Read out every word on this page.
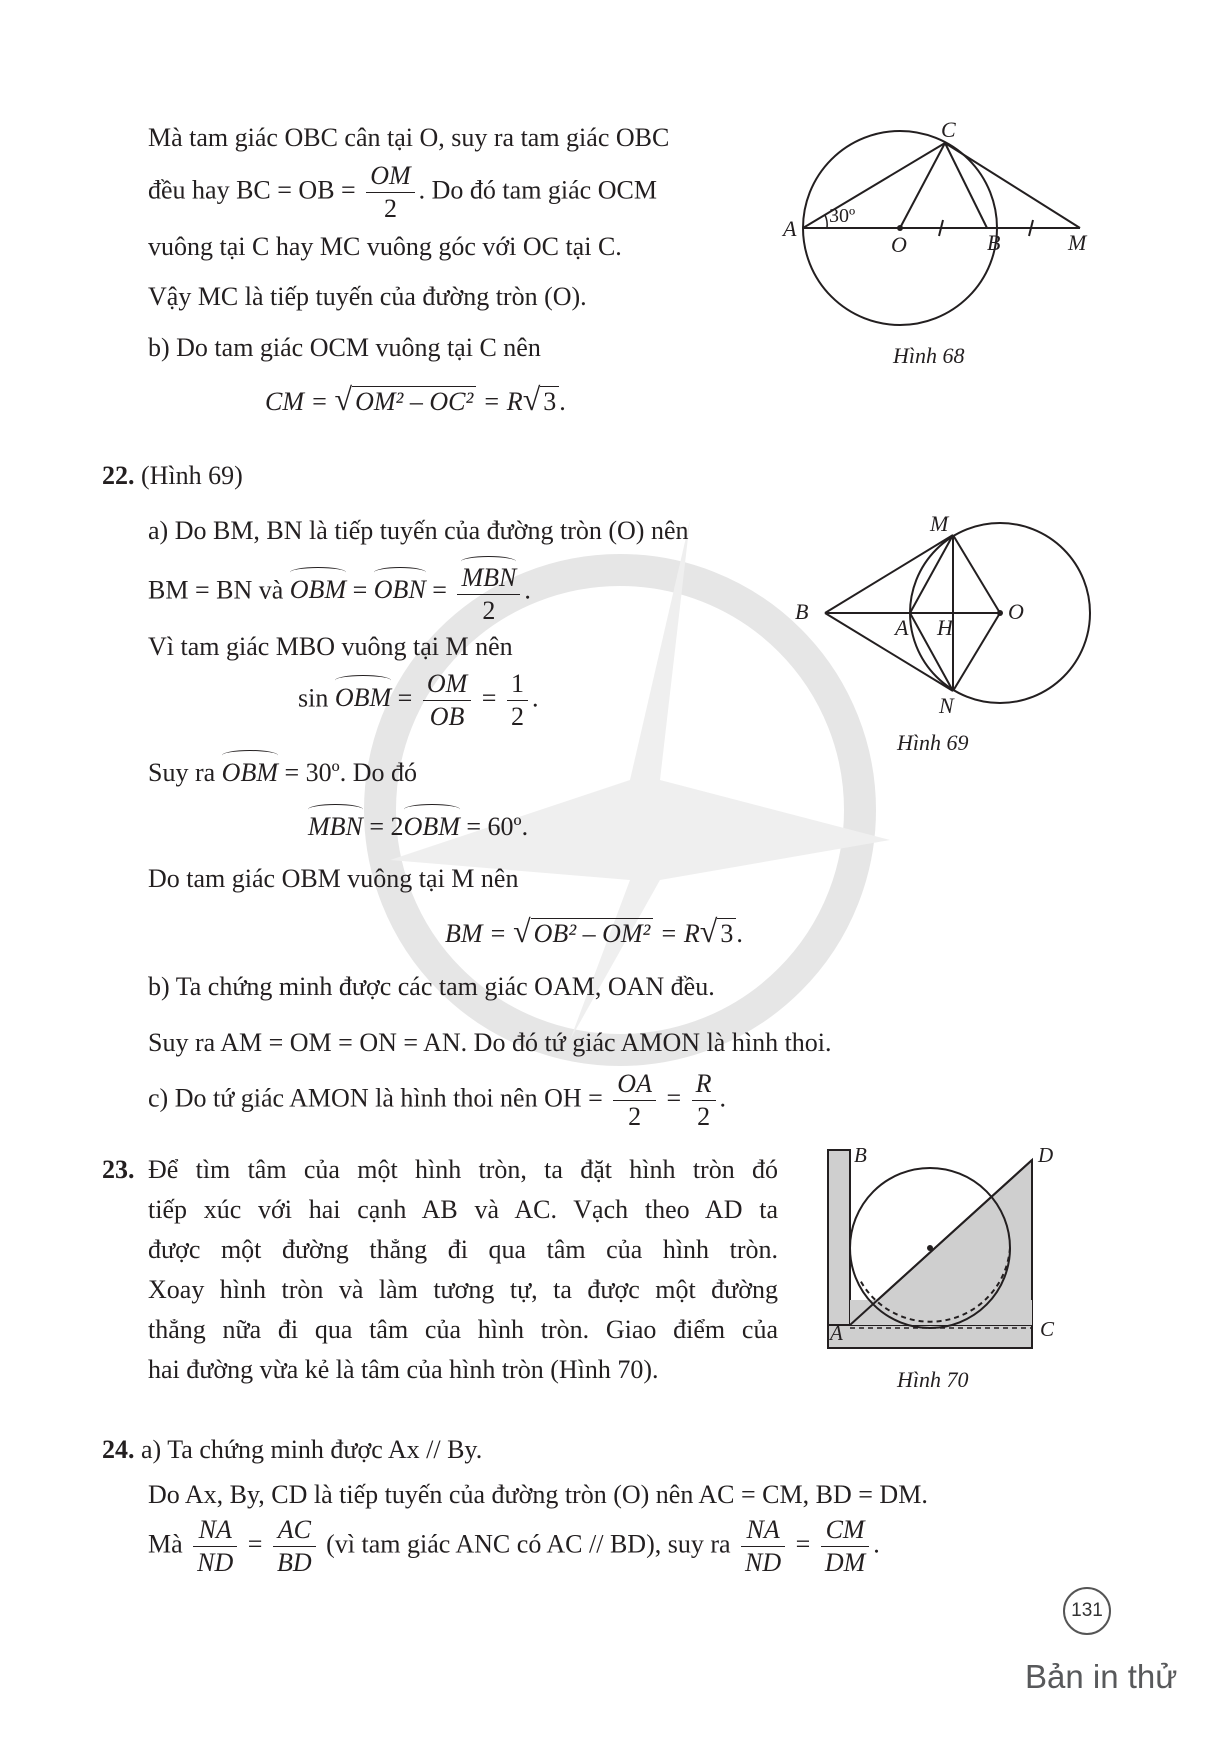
Mà tam giác OBC cân tại O, suy ra tam giác OBC
đều hay BC = OB = $\frac{OM}{2}$ . Do đó tam giác OCM
vuông tại C hay MC vuông góc với OC tại C.
Vậy MC là tiếp tuyến của đường tròn (O).
b) Do tam giác OCM vuông tại C nên
CM = √ OM² – OC² = R√ 3 .
C
A
O	B	M
30º
Hình 68
22. (Hình 69)
a) Do BM, BN là tiếp tuyến của đường tròn (O) nên
BM = BN và OBM = OBN = $\frac{\text{MBN}}{2}$ .
Vì tam giác MBO vuông tại M nên
sin OBM = $\frac{OM}{OB} = \frac{1}{2}$ .
Suy ra OBM = 30º. Do đó
MBN = 2OBM = 60º.
Do tam giác OBM vuông tại M nên
BM = √ OB² – OM² = R√ 3 .
b) Ta chứng minh được các tam giác OAM, OAN đều.
Suy ra AM = OM = ON = AN. Do đó tứ giác AMON là hình thoi.
c) Do tứ giác AMON là hình thoi nên OH = $\frac{OA}{2} = \frac{R}{2}$ .
M
B
A H
O
N
Hình 69
23. Để tìm tâm của một hình tròn, ta đặt hình tròn đó
tiếp xúc với hai cạnh AB và AC. Vạch theo AD ta
được một đường thẳng đi qua tâm của hình tròn.
Xoay hình tròn và làm tương tự, ta được một đường
thẳng nữa đi qua tâm của hình tròn. Giao điểm của
hai đường vừa kẻ là tâm của hình tròn (Hình 70).
B	D
A	C
Hình 70
24. a) Ta chứng minh được Ax // By.
Do Ax, By, CD là tiếp tuyến của đường tròn (O) nên AC = CM, BD = DM.
Mà $\frac{NA}{ND} = \frac{AC}{BD}$ (vì tam giác ANC có AC // BD), suy ra $\frac{NA}{ND} = \frac{CM}{DM}$ .
131
Bản in thử
